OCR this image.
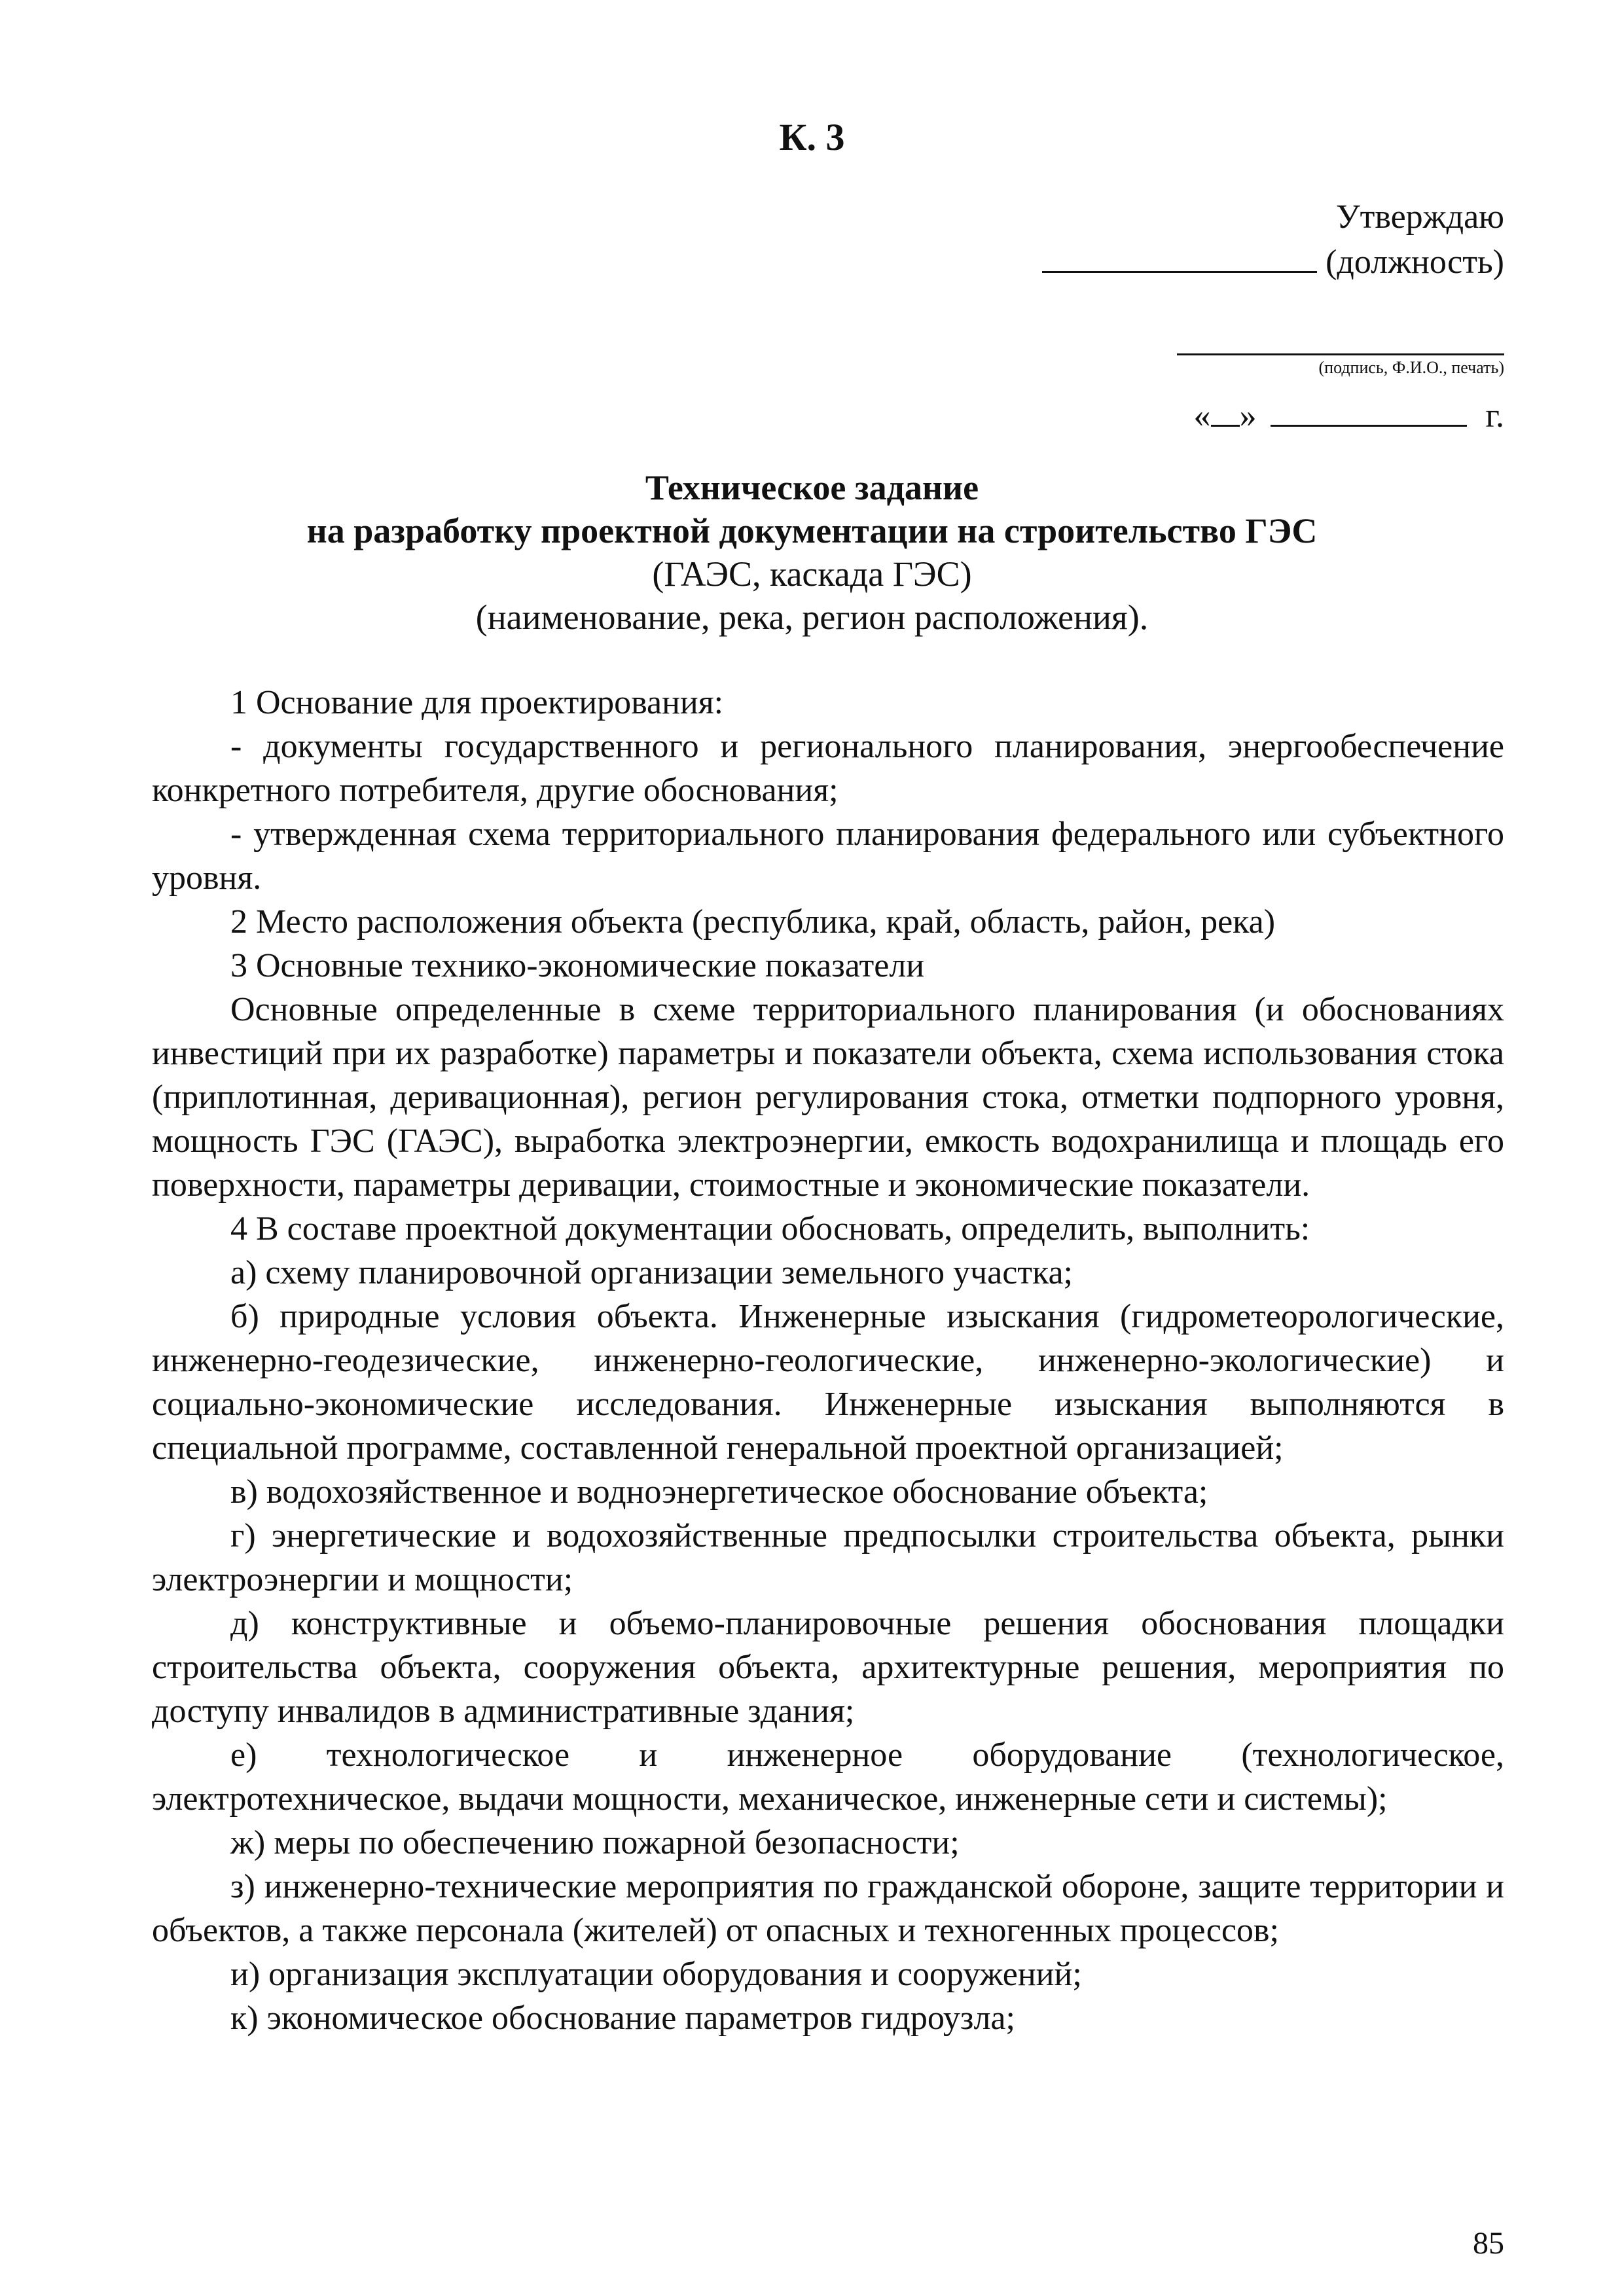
К. 3
Утверждаю
(должность)
(подпись, Ф.И.О., печать)
« »	г.
Техническое задание
на разработку проектной документации на строительство ГЭС
(ГАЭС, каскада ГЭС)
(наименование, река, регион расположения).

1 Основание для проектирования:

- документы государственного и регионального планирования, энергообеспечение конкретного потребителя, другие обоснования;

- утвержденная схема территориального планирования федерального или субъектного уровня.

2 Место расположения объекта (республика, край, область, район, река)

3 Основные технико-экономические показатели

Основные определенные в схеме территориального планирования (и обоснованиях инвестиций при их разработке) параметры и показатели объекта, схема использования стока (приплотинная, деривационная), регион регулирования стока, отметки подпорного уровня, мощность ГЭС (ГАЭС), выработка электроэнергии, емкость водохранилища и площадь его поверхности, параметры деривации, стоимостные и экономические показатели.

4 В составе проектной документации обосновать, определить, выполнить:

а) схему планировочной организации земельного участка;

б) природные условия объекта. Инженерные изыскания (гидрометеорологические, инженерно-геодезические, инженерно-геологические, инженерно-экологические) и социально-экономические исследования. Инженерные изыскания выполняются в специальной программе, составленной генеральной проектной организацией;

в) водохозяйственное и водноэнергетическое обоснование объекта;

г) энергетические и водохозяйственные предпосылки строительства объекта, рынки электроэнергии и мощности;

д) конструктивные и объемо-планировочные решения обоснования площадки строительства объекта, сооружения объекта, архитектурные решения, мероприятия по доступу инвалидов в административные здания;

е) технологическое и инженерное оборудование (технологическое, электротехническое, выдачи мощности, механическое, инженерные сети и системы);

ж) меры по обеспечению пожарной безопасности;

з) инженерно-технические мероприятия по гражданской обороне, защите территории и объектов, а также персонала (жителей) от опасных и техногенных процессов;

и) организация эксплуатации оборудования и сооружений;

к) экономическое обоснование параметров гидроузла;

85
